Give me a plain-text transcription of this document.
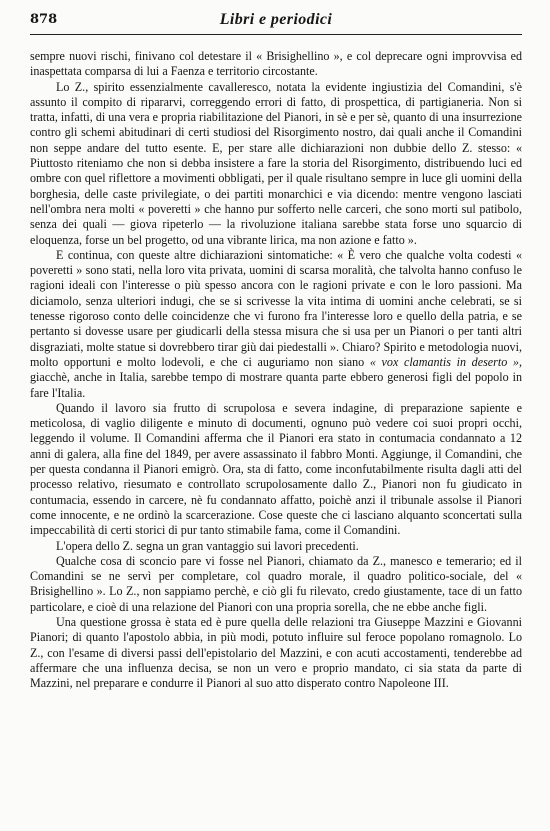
878	Libri e periodici

sempre nuovi rischi, finivano col detestare il « Brisighellino », e col deprecare ogni improvvisa ed inaspettata comparsa di lui a Faenza e territorio circostante.

Lo Z., spirito essenzialmente cavalleresco, notata la evidente ingiustizia del Comandini, s'è assunto il compito di ripararvi, correggendo errori di fatto, di prospettica, di partigianeria. Non si tratta, infatti, di una vera e propria riabilitazione del Pianori, in sè e per sè, quanto di una insurrezione contro gli schemi abitudinari di certi studiosi del Risorgimento nostro, dai quali anche il Comandini non seppe andare del tutto esente. E, per stare alle dichiarazioni non dubbie dello Z. stesso: « Piuttosto riteniamo che non si debba insistere a fare la storia del Risorgimento, distribuendo luci ed ombre con quel riflettore a movimenti obbligati, per il quale risultano sempre in luce gli uomini della borghesia, delle caste privilegiate, o dei partiti monarchici e via dicendo: mentre vengono lasciati nell'ombra nera molti « poveretti » che hanno pur sofferto nelle carceri, che sono morti sul patibolo, senza dei quali — giova ripeterlo — la rivoluzione italiana sarebbe stata forse uno squarcio di eloquenza, forse un bel progetto, od una vibrante lirica, ma non azione e fatto ».

E continua, con queste altre dichiarazioni sintomatiche: « È vero che qualche volta codesti « poveretti » sono stati, nella loro vita privata, uomini di scarsa moralità, che talvolta hanno confuso le ragioni ideali con l'interesse o più spesso ancora con le ragioni private e con le loro passioni. Ma diciamolo, senza ulteriori indugi, che se si scrivesse la vita intima di uomini anche celebrati, se si tenesse rigoroso conto delle coincidenze che vi furono fra l'interesse loro e quello della patria, e se pertanto si dovesse usare per giudicarli della stessa misura che si usa per un Pianori o per tanti altri disgraziati, molte statue si dovrebbero tirar giù dai piedestalli ». Chiaro? Spirito e metodologia nuovi, molto opportuni e molto lodevoli, e che ci auguriamo non siano « vox clamantis in deserto », giacchè, anche in Italia, sarebbe tempo di mostrare quanta parte ebbero generosi figli del popolo in fare l'Italia.

Quando il lavoro sia frutto di scrupolosa e severa indagine, di preparazione sapiente e meticolosa, di vaglio diligente e minuto di documenti, ognuno può vedere coi suoi propri occhi, leggendo il volume. Il Comandini afferma che il Pianori era stato in contumacia condannato a 12 anni di galera, alla fine del 1849, per avere assassinato il fabbro Monti. Aggiunge, il Comandini, che per questa condanna il Pianori emigrò. Ora, sta di fatto, come inconfutabilmente risulta dagli atti del processo relativo, riesumato e controllato scrupolosamente dallo Z., Pianori non fu giudicato in contumacia, essendo in carcere, nè fu condannato affatto, poichè anzi il tribunale assolse il Pianori come innocente, e ne ordinò la scarcerazione. Cose queste che ci lasciano alquanto sconcertati sulla impeccabilità di certi storici di pur tanto stimabile fama, come il Comandini.

L'opera dello Z. segna un gran vantaggio sui lavori precedenti.

Qualche cosa di sconcio pare vi fosse nel Pianori, chiamato da Z., manesco e temerario; ed il Comandini se ne servì per completare, col quadro morale, il quadro politico-sociale, del « Brisighellino ». Lo Z., non sappiamo perchè, e ciò gli fu rilevato, credo giustamente, tace di un fatto particolare, e cioè di una relazione del Pianori con una propria sorella, che ne ebbe anche figli.

Una questione grossa è stata ed è pure quella delle relazioni tra Giuseppe Mazzini e Giovanni Pianori; di quanto l'apostolo abbia, in più modi, potuto influire sul feroce popolano romagnolo. Lo Z., con l'esame di diversi passi dell'epistolario del Mazzini, e con acuti accostamenti, tenderebbe ad affermare che una influenza decisa, se non un vero e proprio mandato, ci sia stata da parte di Mazzini, nel preparare e condurre il Pianori al suo atto disperato contro Napoleone III.
